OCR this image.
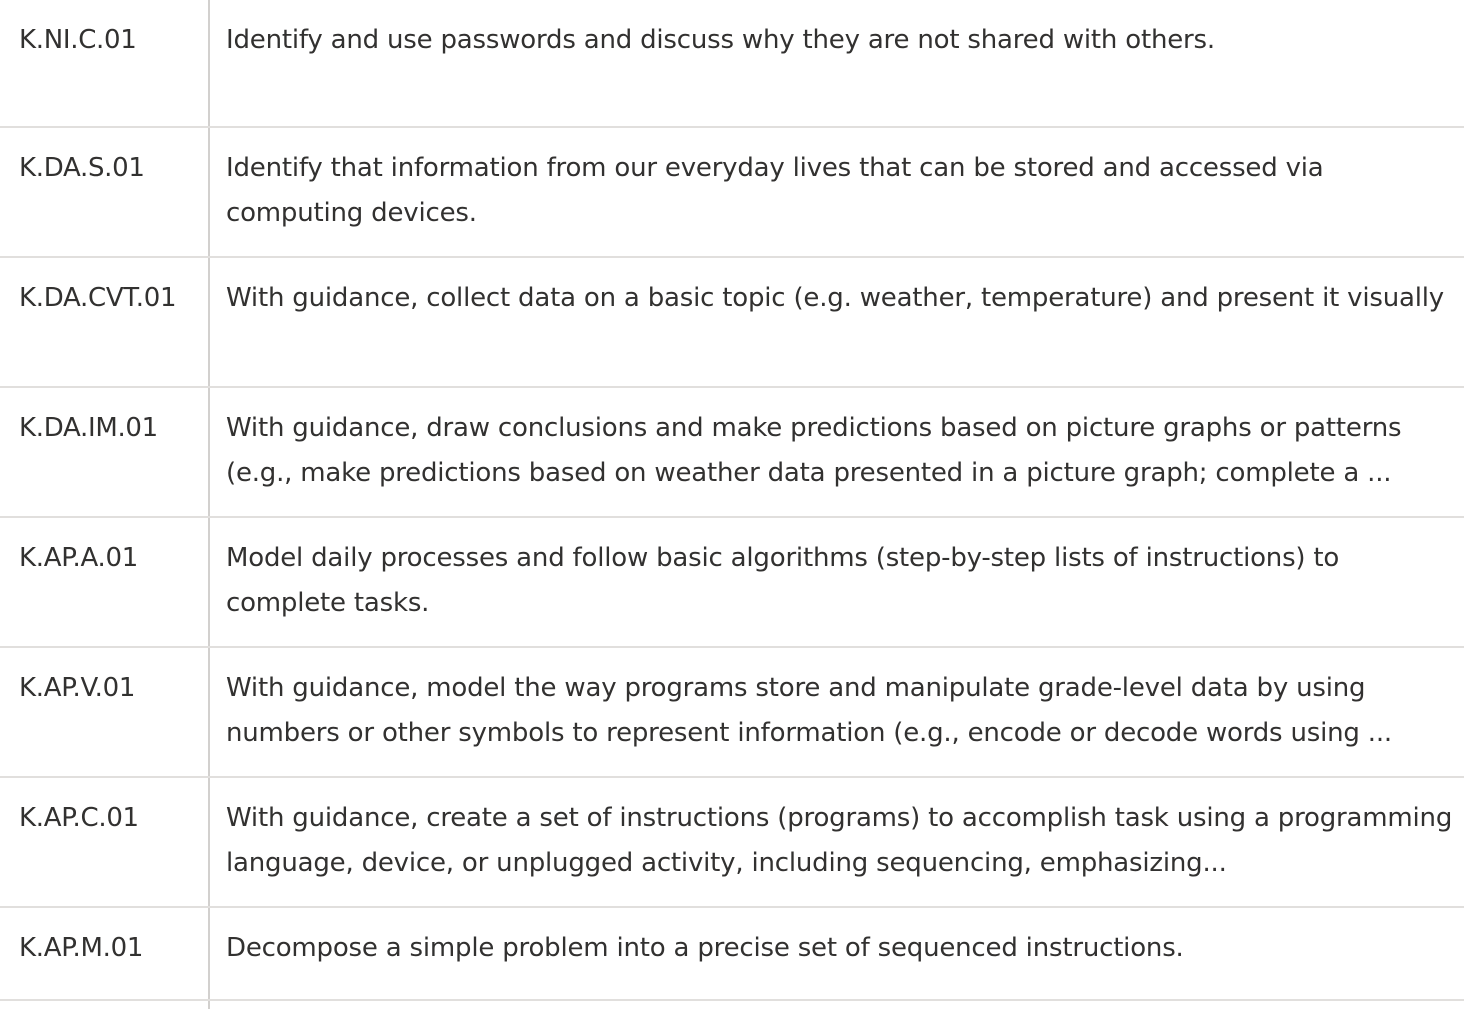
K.NI.C.01	Identify and use passwords and discuss why they are not shared with others.
K.DA.S.01	Identify that information from our everyday lives that can be stored and accessed via computing devices.
K.DA.CVT.01	With guidance, collect data on a basic topic (e.g. weather, temperature) and present it visually
K.DA.IM.01	With guidance, draw conclusions and make predictions based on picture graphs or patterns (e.g., make predictions based on weather data presented in a picture graph; complete a ...
K.AP.A.01	Model daily processes and follow basic algorithms (step-by-step lists of instructions) to complete tasks.
K.AP.V.01	With guidance, model the way programs store and manipulate grade-level data by using numbers or other symbols to represent information (e.g., encode or decode words using ...
K.AP.C.01	With guidance, create a set of instructions (programs) to accomplish task using a programming language, device, or unplugged activity, including sequencing, emphasizing...
K.AP.M.01	Decompose a simple problem into a precise set of sequenced instructions.
